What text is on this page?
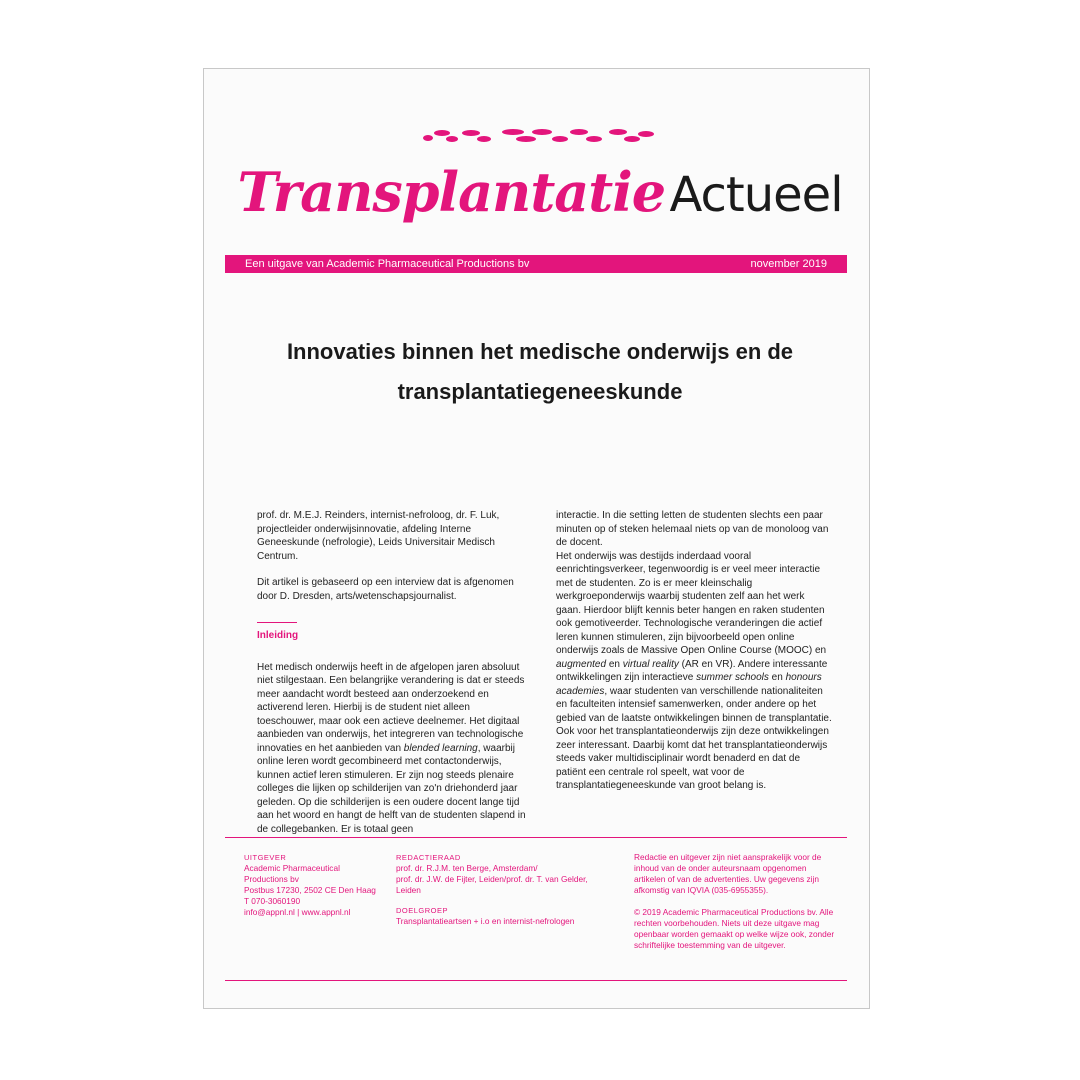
Transplantatie Actueel
Een uitgave van Academic Pharmaceutical Productions bv	november 2019
Innovaties binnen het medische onderwijs en de
transplantatiegeneeskunde

prof. dr. M.E.J. Reinders, internist-nefroloog, dr. F. Luk, projectleider onderwijsinnovatie, afdeling Interne Geneeskunde (nefrologie), Leids Universitair Medisch Centrum.

Dit artikel is gebaseerd op een interview dat is afgenomen door D. Dresden, arts/wetenschapsjournalist.

Inleiding

Het medisch onderwijs heeft in de afgelopen jaren absoluut niet stilgestaan. Een belangrijke verandering is dat er steeds meer aandacht wordt besteed aan onderzoekend en activerend leren. Hierbij is de student niet alleen toeschouwer, maar ook een actieve deelnemer. Het digitaal aanbieden van onderwijs, het integreren van technologische innovaties en het aanbieden van blended learning, waarbij online leren wordt gecombineerd met contactonderwijs, kunnen actief leren stimuleren. Er zijn nog steeds plenaire colleges die lijken op schilderijen van zo'n driehonderd jaar geleden. Op die schilderijen is een oudere docent lange tijd aan het woord en hangt de helft van de studenten slapend in de collegebanken. Er is totaal geen

interactie. In die setting letten de studenten slechts een paar minuten op of steken helemaal niets op van de monoloog van de docent.

Het onderwijs was destijds inderdaad vooral eenrichtingsverkeer, tegenwoordig is er veel meer interactie met de studenten. Zo is er meer kleinschalig werkgroeponderwijs waarbij studenten zelf aan het werk gaan. Hierdoor blijft kennis beter hangen en raken studenten ook gemotiveerder. Technologische veranderingen die actief leren kunnen stimuleren, zijn bijvoorbeeld open online onderwijs zoals de Massive Open Online Course (MOOC) en augmented en virtual reality (AR en VR). Andere interessante ontwikkelingen zijn interactieve summer schools en honours academies, waar studenten van verschillende nationaliteiten en faculteiten intensief samenwerken, onder andere op het gebied van de laatste ontwikkelingen binnen de transplantatie.

Ook voor het transplantatieonderwijs zijn deze ontwikkelingen zeer interessant. Daarbij komt dat het transplantatieonderwijs steeds vaker multidisciplinair wordt benaderd en dat de patiënt een centrale rol speelt, wat voor de transplantatiegeneeskunde van groot belang is.

UITGEVER
Academic Pharmaceutical
Productions bv
Postbus 17230, 2502 CE Den Haag
T 070-3060190
info@appnl.nl | www.appnl.nl
REDACTIERAAD
prof. dr. R.J.M. ten Berge, Amsterdam/
prof. dr. J.W. de Fijter, Leiden/prof. dr. T. van Gelder,
Leiden
DOELGROEP
Transplantatieartsen + i.o en internist-nefrologen
Redactie en uitgever zijn niet aansprakelijk voor de inhoud van de onder auteursnaam opgenomen artikelen of van de advertenties. Uw gegevens zijn afkomstig van IQVIA (035-6955355).
© 2019 Academic Pharmaceutical Productions bv. Alle rechten voorbehouden. Niets uit deze uitgave mag openbaar worden gemaakt op welke wijze ook, zonder schriftelijke toestemming van de uitgever.
